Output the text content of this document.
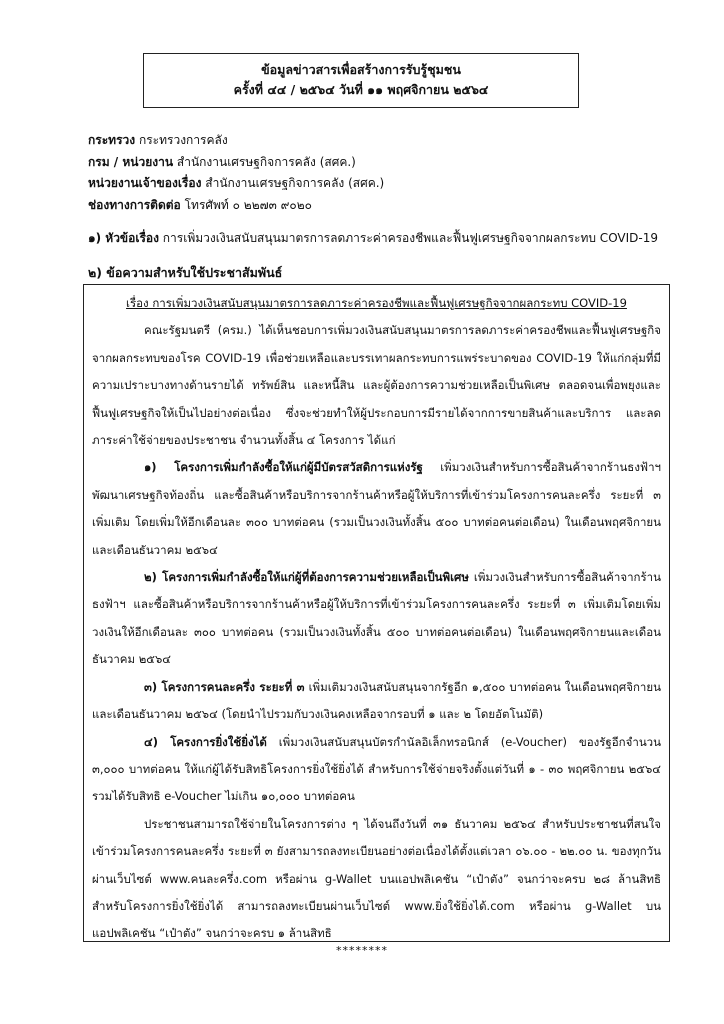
ข้อมูลข่าวสารเพื่อสร้างการรับรู้ชุมชน
ครั้งที่ ๔๔ / ๒๕๖๔ วันที่ ๑๑ พฤศจิกายน ๒๕๖๔
กระทรวง กระทรวงการคลัง
กรม / หน่วยงาน สำนักงานเศรษฐกิจการคลัง (สศค.)
หน่วยงานเจ้าของเรื่อง สำนักงานเศรษฐกิจการคลัง (สศค.)
ช่องทางการติดต่อ โทรศัพท์ ๐ ๒๒๗๓ ๙๐๒๐
๑) หัวข้อเรื่อง การเพิ่มวงเงินสนับสนุนมาตรการลดภาระค่าครองชีพและฟื้นฟูเศรษฐกิจจากผลกระทบ COVID-19
๒) ข้อความสำหรับใช้ประชาสัมพันธ์
เรื่อง การเพิ่มวงเงินสนับสนุนมาตรการลดภาระค่าครองชีพและฟื้นฟูเศรษฐกิจจากผลกระทบ COVID-19
คณะรัฐมนตรี (ครม.) ได้เห็นชอบการเพิ่มวงเงินสนับสนุนมาตรการลดภาระค่าครองชีพและฟื้นฟูเศรษฐกิจจากผลกระทบของโรค COVID-19 เพื่อช่วยเหลือและบรรเทาผลกระทบการแพร่ระบาดของ COVID-19 ให้แก่กลุ่มที่มีความเปราะบางทางด้านรายได้ ทรัพย์สิน และหนี้สิน และผู้ต้องการความช่วยเหลือเป็นพิเศษ ตลอดจนเพื่อพยุงและฟื้นฟูเศรษฐกิจให้เป็นไปอย่างต่อเนื่อง ซึ่งจะช่วยทำให้ผู้ประกอบการมีรายได้จากการขายสินค้าและบริการ และลดภาระค่าใช้จ่ายของประชาชน จำนวนทั้งสิ้น ๔ โครงการ ได้แก่
๑) โครงการเพิ่มกำลังซื้อให้แก่ผู้มีบัตรสวัสดิการแห่งรัฐ เพิ่มวงเงินสำหรับการซื้อสินค้าจากร้านธงฟ้าฯ พัฒนาเศรษฐกิจท้องถิ่น และซื้อสินค้าหรือบริการจากร้านค้าหรือผู้ให้บริการที่เข้าร่วมโครงการคนละครึ่ง ระยะที่ ๓ เพิ่มเติม โดยเพิ่มให้อีกเดือนละ ๓๐๐ บาทต่อคน (รวมเป็นวงเงินทั้งสิ้น ๕๐๐ บาทต่อคนต่อเดือน) ในเดือนพฤศจิกายนและเดือนธันวาคม ๒๕๖๔
๒) โครงการเพิ่มกำลังซื้อให้แก่ผู้ที่ต้องการความช่วยเหลือเป็นพิเศษ เพิ่มวงเงินสำหรับการซื้อสินค้าจากร้านธงฟ้าฯ และซื้อสินค้าหรือบริการจากร้านค้าหรือผู้ให้บริการที่เข้าร่วมโครงการคนละครึ่ง ระยะที่ ๓ เพิ่มเติมโดยเพิ่มวงเงินให้อีกเดือนละ ๓๐๐ บาทต่อคน (รวมเป็นวงเงินทั้งสิ้น ๕๐๐ บาทต่อคนต่อเดือน) ในเดือนพฤศจิกายนและเดือนธันวาคม ๒๕๖๔
๓) โครงการคนละครึ่ง ระยะที่ ๓ เพิ่มเติมวงเงินสนับสนุนจากรัฐอีก ๑,๕๐๐ บาทต่อคน ในเดือนพฤศจิกายนและเดือนธันวาคม ๒๕๖๔ (โดยนำไปรวมกับวงเงินคงเหลือจากรอบที่ ๑ และ ๒ โดยอัตโนมัติ)
๔) โครงการยิ่งใช้ยิ่งได้ เพิ่มวงเงินสนับสนุนบัตรกำนัลอิเล็กทรอนิกส์ (e-Voucher) ของรัฐอีกจำนวน ๓,๐๐๐ บาทต่อคน ให้แก่ผู้ได้รับสิทธิโครงการยิ่งใช้ยิ่งได้ สำหรับการใช้จ่ายจริงตั้งแต่วันที่ ๑ - ๓๐ พฤศจิกายน ๒๕๖๔ รวมได้รับสิทธิ e-Voucher ไม่เกิน ๑๐,๐๐๐ บาทต่อคน
ประชาชนสามารถใช้จ่ายในโครงการต่าง ๆ ได้จนถึงวันที่ ๓๑ ธันวาคม ๒๕๖๔ สำหรับประชาชนที่สนใจเข้าร่วมโครงการคนละครึ่ง ระยะที่ ๓ ยังสามารถลงทะเบียนอย่างต่อเนื่องได้ตั้งแต่เวลา ๐๖.๐๐ - ๒๒.๐๐ น. ของทุกวัน ผ่านเว็บไซต์ www.คนละครึ่ง.com หรือผ่าน g-Wallet บนแอปพลิเคชัน “เป๋าตัง” จนกว่าจะครบ ๒๘ ล้านสิทธิ สำหรับโครงการยิ่งใช้ยิ่งได้ สามารถลงทะเบียนผ่านเว็บไซต์ www.ยิ่งใช้ยิ่งได้.com หรือผ่าน g-Wallet บนแอปพลิเคชัน “เป๋าตัง” จนกว่าจะครบ ๑ ล้านสิทธิ
********
